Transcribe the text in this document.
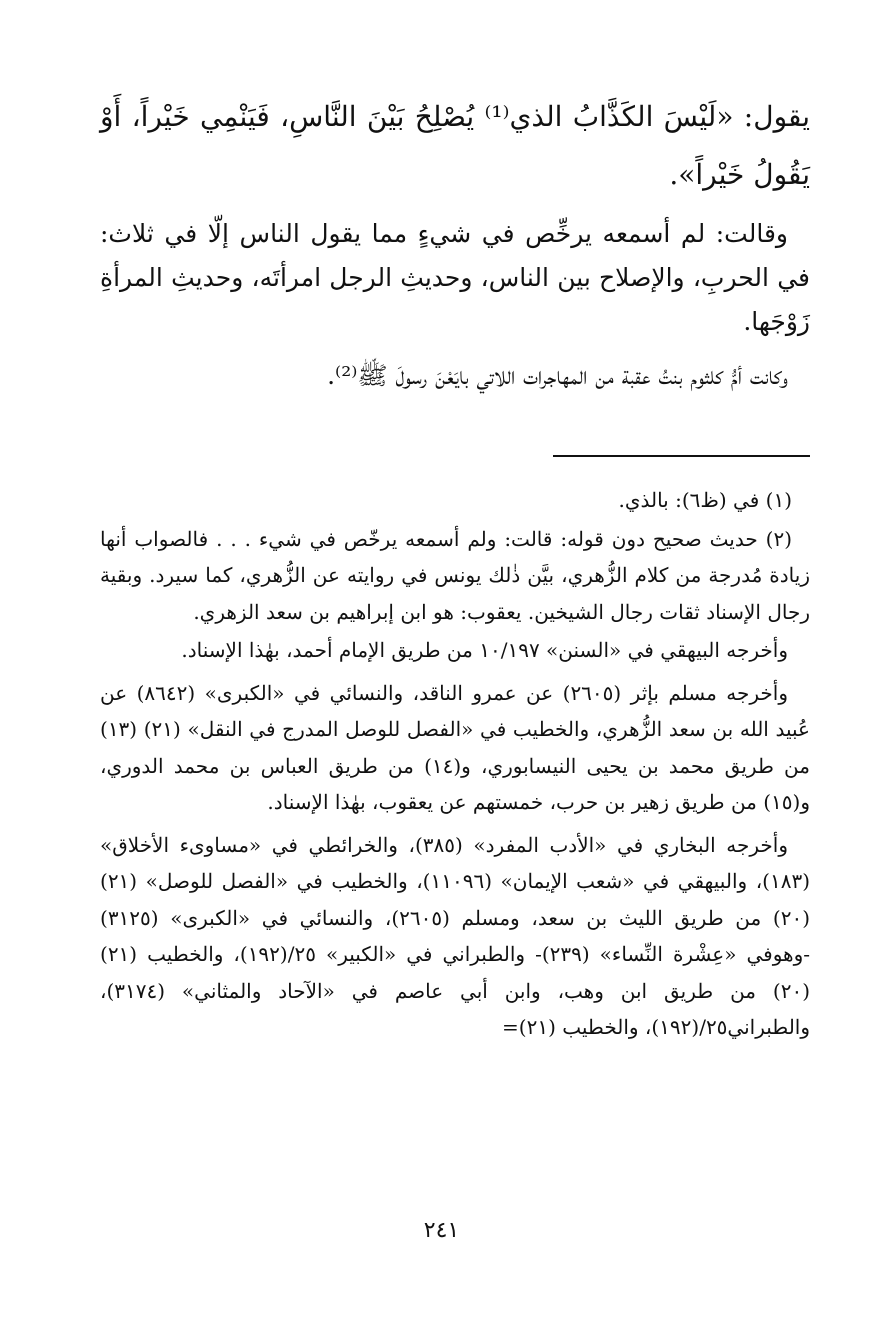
يقول: «لَيْسَ الكَذَّابُ الذي⁽¹⁾ يُصْلِحُ بَيْنَ النَّاسِ، فَيَنْمِي خَيْراً، أَوْ يَقُولُ خَيْراً».

وقالت: لم أسمعه يرخِّص في شيءٍ مما يقول الناس إلّا في ثلاث: في الحربِ، والإصلاح بين الناس، وحديثِ الرجل امرأتَه، وحديثِ المرأةِ زَوْجَها.

وكانت أمُّ كلثوم بنتُ عقبة من المهاجرات اللاتي بايَعْنَ رسولَ ﷺ⁽²⁾.

(١) في (ظ٦): بالذي.

(٢) حديث صحيح دون قوله: قالت: ولم أسمعه يرخّص في شيء . . . فالصواب أنها زيادة مُدرجة من كلام الزُّهري، بيَّن ذٰلك يونس في روايته عن الزُّهري، كما سيرد. وبقية رجال الإسناد ثقات رجال الشيخين. يعقوب: هو ابن إبراهيم بن سعد الزهري.

وأخرجه البيهقي في «السنن» ١٠/١٩٧ من طريق الإمام أحمد، بهٰذا الإسناد.

وأخرجه مسلم بإثر (٢٦٠٥) عن عمرو الناقد، والنسائي في «الكبرى» (٨٦٤٢) عن عُبيد الله بن سعد الزُّهري، والخطيب في «الفصل للوصل المدرج في النقل» (٢١) (١٣) من طريق محمد بن يحيى النيسابوري، و(١٤) من طريق العباس بن محمد الدوري، و(١٥) من طريق زهير بن حرب، خمستهم عن يعقوب، بهٰذا الإسناد.

وأخرجه البخاري في «الأدب المفرد» (٣٨٥)، والخرائطي في «مساوىء الأخلاق» (١٨٣)، والبيهقي في «شعب الإيمان» (١١٠٩٦)، والخطيب في «الفصل للوصل» (٢١) (٢٠) من طريق الليث بن سعد، ومسلم (٢٦٠٥)، والنسائي في «الكبرى» (٣١٢٥) -وهوفي «عِشْرة النِّساء» (٢٣٩)- والطبراني في «الكبير» ٢٥/(١٩٢)، والخطيب (٢١) (٢٠) من طريق ابن وهب، وابن أبي عاصم في «الآحاد والمثاني» (٣١٧٤)، والطبراني٢٥/(١٩٢)، والخطيب (٢١)=

٢٤١
